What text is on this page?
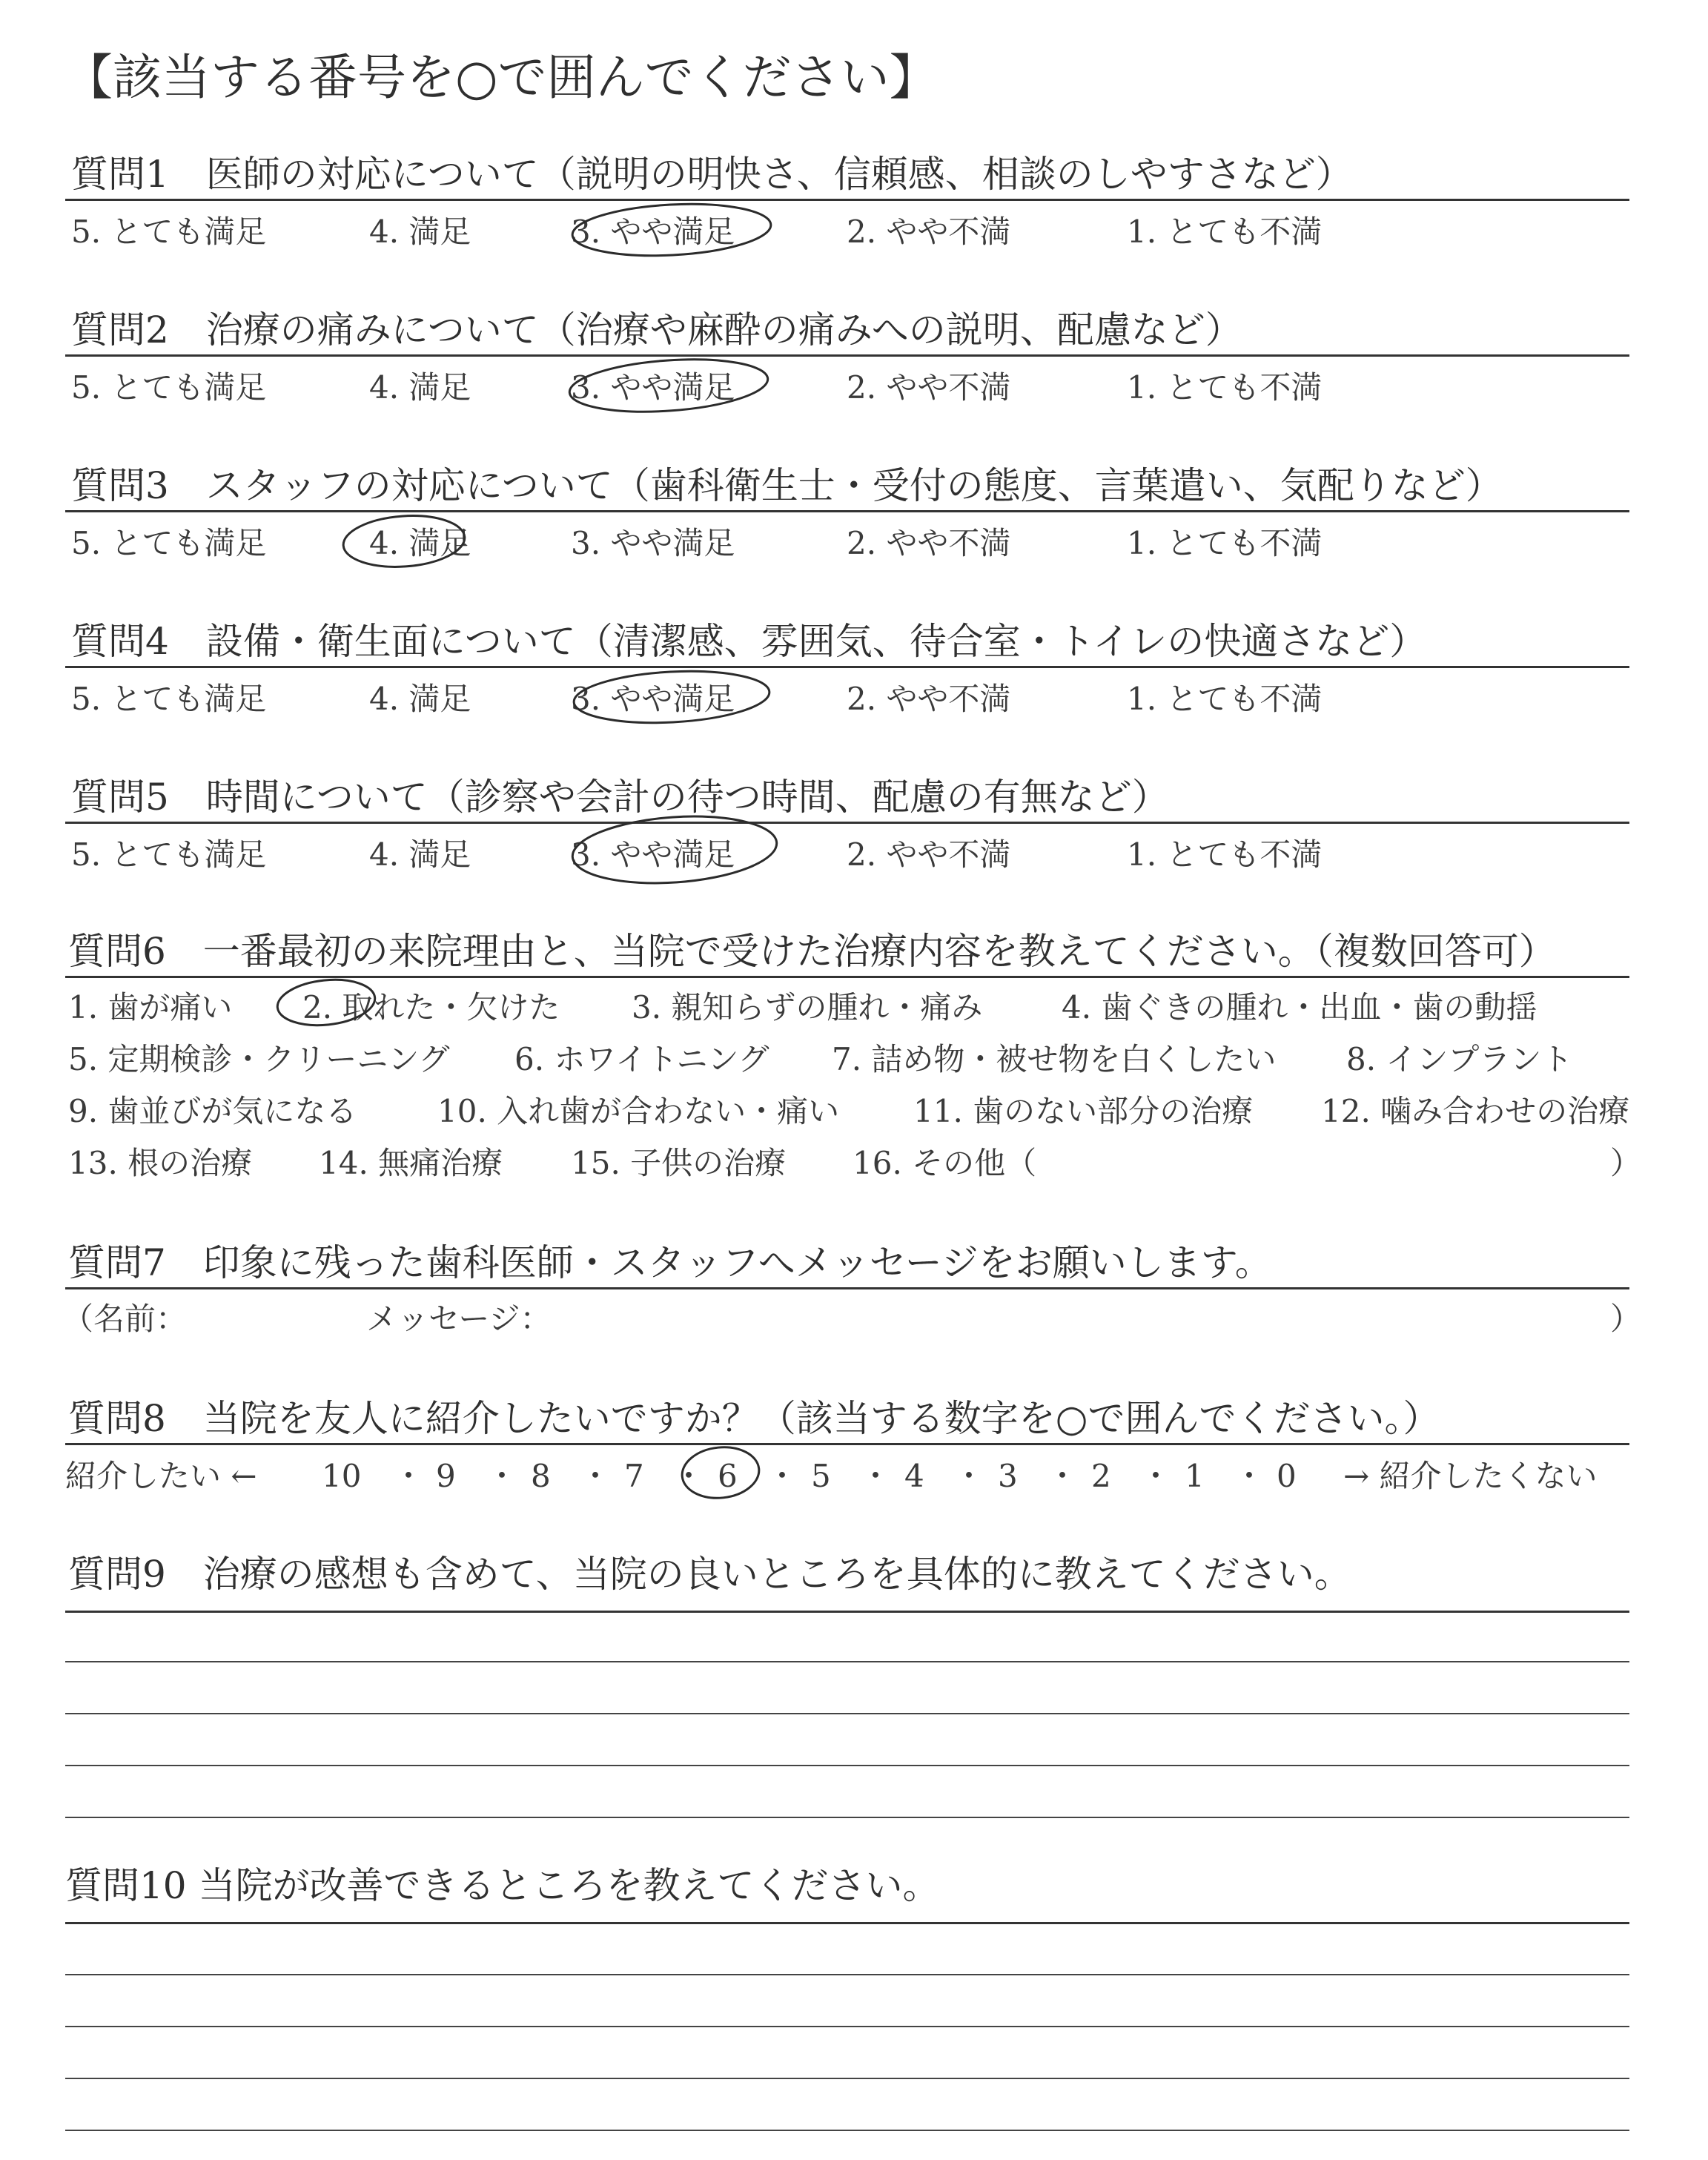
【該当する番号を○で囲んでください】
質問1　医師の対応について（説明の明快さ、信頼感、相談のしやすさなど）
5. とても満足	4. 満足	3. やや満足	2. やや不満	1. とても不満
質問2　治療の痛みについて（治療や麻酔の痛みへの説明、配慮など）
5. とても満足	4. 満足	3. やや満足	2. やや不満	1. とても不満
質問3　スタッフの対応について（歯科衛生士・受付の態度、言葉遣い、気配りなど）
5. とても満足	4. 満足	3. やや満足	2. やや不満	1. とても不満
質問4　設備・衛生面について（清潔感、雰囲気、待合室・トイレの快適さなど）
5. とても満足	4. 満足	3. やや満足	2. やや不満	1. とても不満
質問5　時間について（診察や会計の待つ時間、配慮の有無など）
5. とても満足	4. 満足	3. やや満足	2. やや不満	1. とても不満
質問6　一番最初の来院理由と、当院で受けた治療内容を教えてください。（複数回答可）
1. 歯が痛い 2. 取れた・欠けた 3. 親知らずの腫れ・痛み	4. 歯ぐきの腫れ・出血・歯の動揺
5. 定期検診・クリーニング 6. ホワイトニング 7. 詰め物・被せ物を白くしたい 8. インプラント
9. 歯並びが気になる	10. 入れ歯が合わない・痛い 11. 歯のない部分の治療 12. 噛み合わせの治療
13. 根の治療 14. 無痛治療 15. 子供の治療 16. その他（	）
質問7　印象に残った歯科医師・スタッフへメッセージをお願いします。
（名前：	メッセージ：	）
質問8　当院を友人に紹介したいですか？（該当する数字を○で囲んでください。）
紹介したい ← 10 9 8 7 6 5 4 3 2 1 0
・ ・ ・ ・ ・ ・ ・ ・ ・ ・	→ 紹介したくない
質問9　治療の感想も含めて、当院の良いところを具体的に教えてください。
質問10 当院が改善できるところを教えてください。
